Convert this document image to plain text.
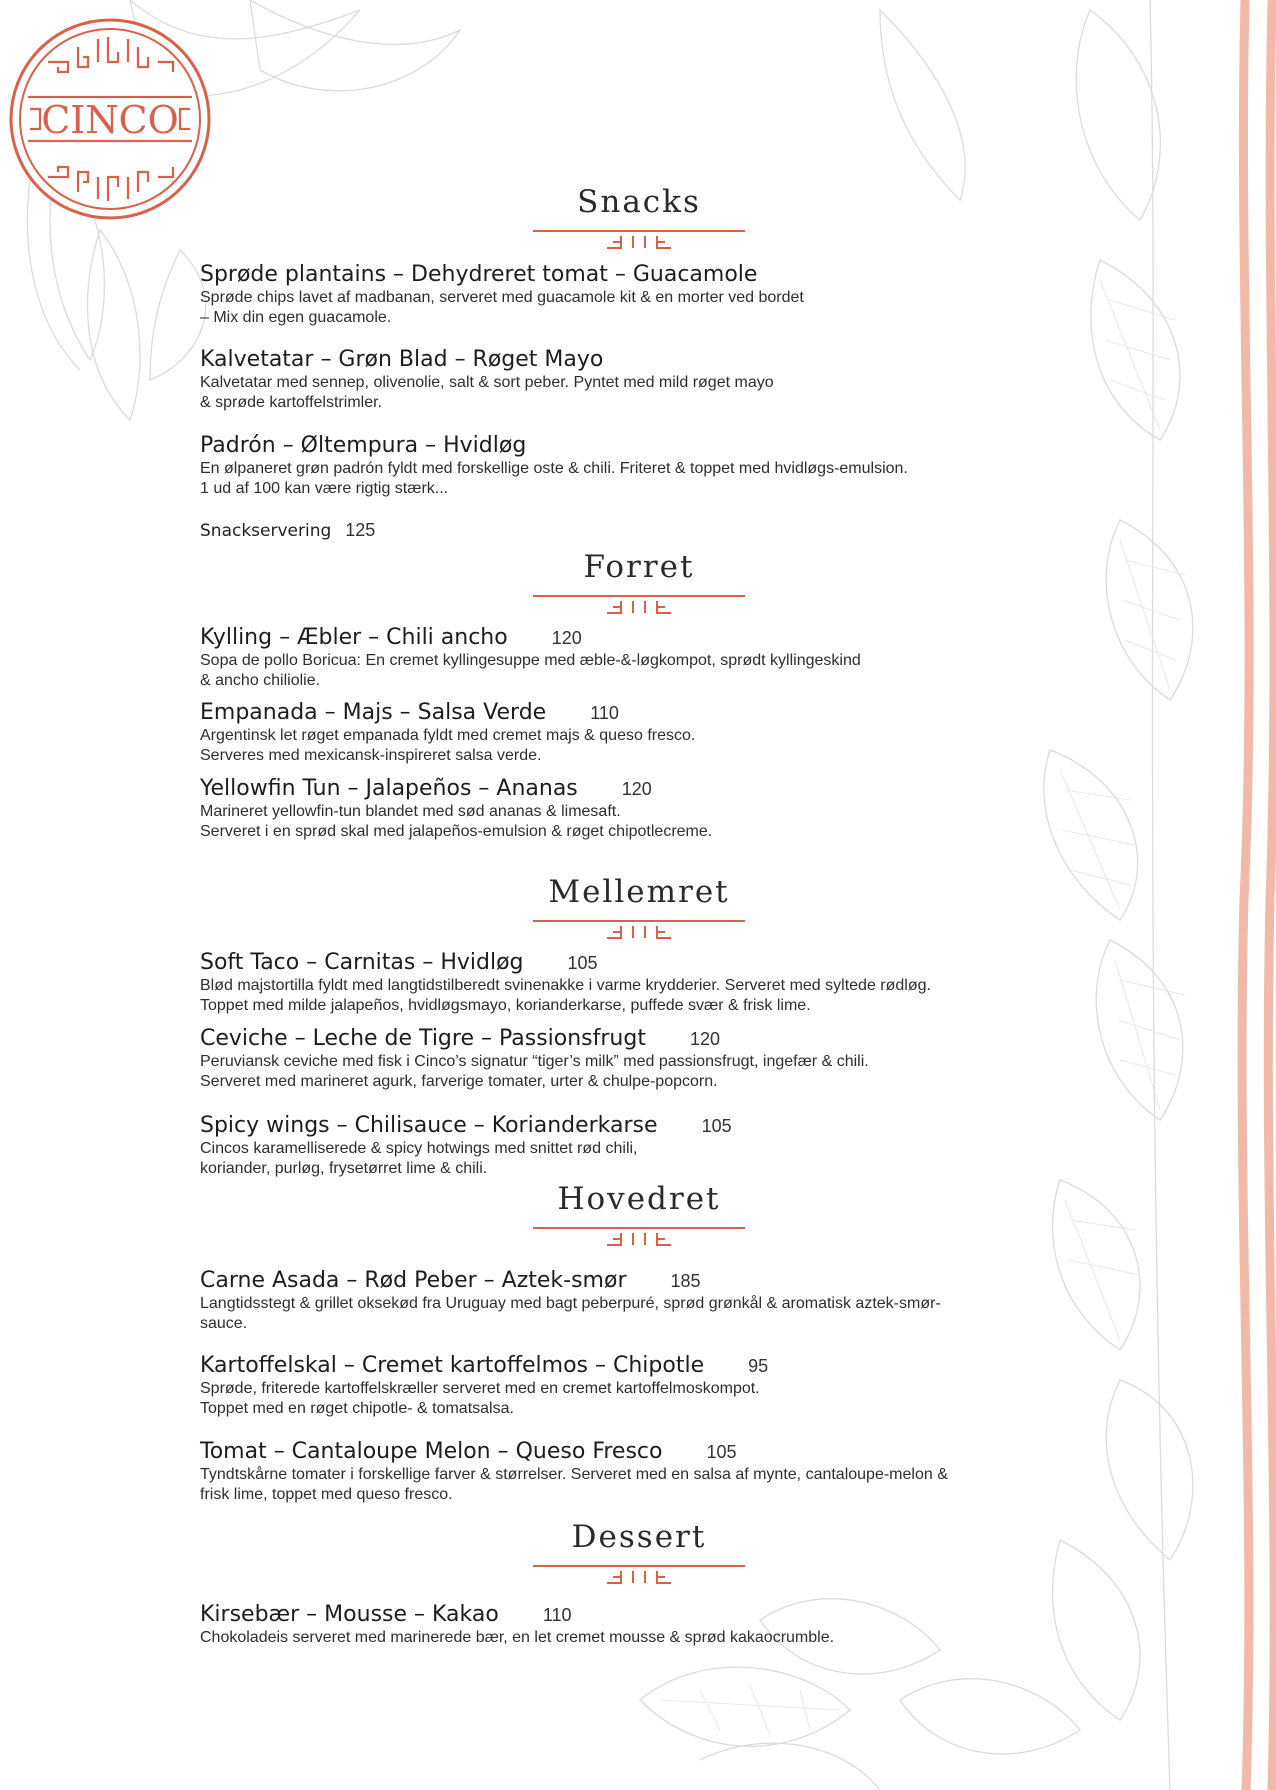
CINCO
Snacks
Sprøde plantains – Dehydreret tomat – Guacamole
Sprøde chips lavet af madbanan, serveret med guacamole kit & en morter ved bordet
– Mix din egen guacamole.
Kalvetatar – Grøn Blad – Røget Mayo
Kalvetatar med sennep, olivenolie, salt & sort peber. Pyntet med mild røget mayo
& sprøde kartoffelstrimler.
Padrón – Øltempura – Hvidløg
En ølpaneret grøn padrón fyldt med forskellige oste & chili. Friteret & toppet med hvidløgs-emulsion.
1 ud af 100 kan være rigtig stærk...
Snackservering 125
Forret
Kylling – Æbler – Chili ancho 120
Sopa de pollo Boricua: En cremet kyllingesuppe med æble-&-løgkompot, sprødt kyllingeskind
& ancho chiliolie.
Empanada – Majs – Salsa Verde 110
Argentinsk let røget empanada fyldt med cremet majs & queso fresco.
Serveres med mexicansk-inspireret salsa verde.
Yellowfin Tun – Jalapeños – Ananas 120
Marineret yellowfin-tun blandet med sød ananas & limesaft.
Serveret i en sprød skal med jalapeños-emulsion & røget chipotlecreme.
Mellemret
Soft Taco – Carnitas – Hvidløg 105
Blød majstortilla fyldt med langtidstilberedt svinenakke i varme krydderier. Serveret med syltede rødløg.
Toppet med milde jalapeños, hvidløgsmayo, korianderkarse, puffede svær & frisk lime.
Ceviche – Leche de Tigre – Passionsfrugt 120
Peruviansk ceviche med fisk i Cinco’s signatur “tiger’s milk” med passionsfrugt, ingefær & chili.
Serveret med marineret agurk, farverige tomater, urter & chulpe-popcorn.
Spicy wings – Chilisauce – Korianderkarse 105
Cincos karamelliserede & spicy hotwings med snittet rød chili,
koriander, purløg, frysetørret lime & chili.
Hovedret
Carne Asada – Rød Peber – Aztek-smør 185
Langtidsstegt & grillet oksekød fra Uruguay med bagt peberpuré, sprød grønkål & aromatisk aztek-smør-
sauce.
Kartoffelskal – Cremet kartoffelmos – Chipotle 95
Sprøde, friterede kartoffelskræller serveret med en cremet kartoffelmoskompot.
Toppet med en røget chipotle- & tomatsalsa.
Tomat – Cantaloupe Melon – Queso Fresco 105
Tyndtskårne tomater i forskellige farver & størrelser. Serveret med en salsa af mynte, cantaloupe-melon &
frisk lime, toppet med queso fresco.
Dessert
Kirsebær – Mousse – Kakao 110
Chokoladeis serveret med marinerede bær, en let cremet mousse & sprød kakaocrumble.
